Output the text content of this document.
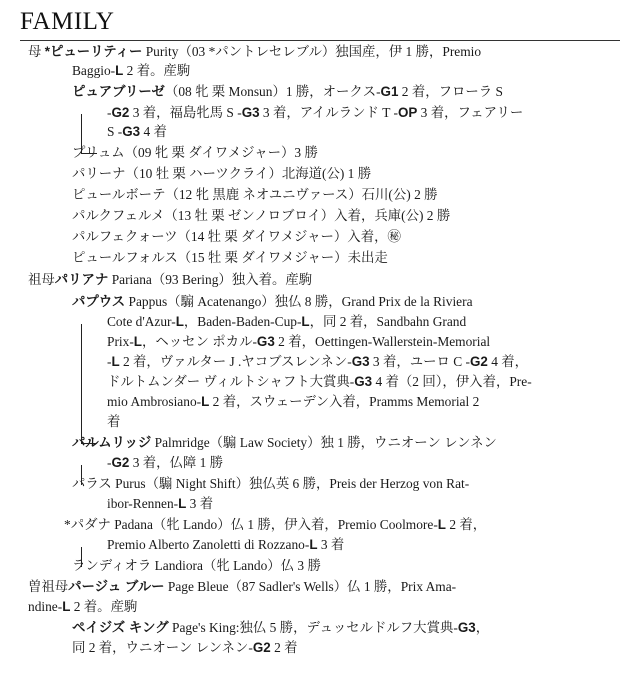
FAMILY
母 *ピューリティー Purity（03 *パントレセレブル）独国産，伊 1 勝，Premio
Baggio-L 2 着。産駒
ピュアブリーゼ（08 牝 栗 Monsun）1 勝，オークス-G1 2 着，フローラ S
-G2 3 着，福島牝馬 S -G3 3 着，アイルランド T -OP 3 着，フェアリー
S -G3 4 着
プリュム（09 牝 栗 ダイワメジャー）3 勝
パリーナ（10 牡 栗 ハーツクライ）北海道(公) 1 勝
ピュールボーテ（12 牝 黒鹿 ネオユニヴァース）石川(公) 2 勝
パルクフェルメ（13 牡 栗 ゼンノロブロイ）入着，兵庫(公) 2 勝
パルフェクォーツ（14 牡 栗 ダイワメジャー）入着，㊙
ピュールフォルス（15 牡 栗 ダイワメジャー）未出走
祖母パリアナ Pariana（93 Bering）独入着。産駒
パプウス Pappus（騸 Acatenango）独仏 8 勝，Grand Prix de la Riviera
Cote d'Azur-L，Baden-Baden-Cup-L，同 2 着，Sandbahn Grand
Prix-L，ヘッセン ポカル-G3 2 着，Oettingen-Wallerstein-Memorial
-L 2 着，ヴァルター J .ヤコブスレンネン-G3 3 着，ユーロ C -G2 4 着，
ドルトムンダー ヴィルトシャフト大賞典-G3 4 着（2 回），伊入着，Pre-
mio Ambrosiano-L 2 着，スウェーデン入着，Pramms Memorial 2
着
パルムリッジ Palmridge（騸 Law Society）独 1 勝，ウニオーン レンネン
-G2 3 着，仏障 1 勝
パラス Purus（騸 Night Shift）独仏英 6 勝，Preis der Herzog von Rat-
ibor-Rennen-L 3 着
*パダナ Padana（牝 Lando）仏 1 勝，伊入着，Premio Coolmore-L 2 着，
Premio Alberto Zanoletti di Rozzano-L 3 着
ランディオラ Landiora（牝 Lando）仏 3 勝
曽祖母パージュ ブルー Page Bleue（87 Sadler's Wells）仏 1 勝，Prix Ama-
ndine-L 2 着。産駒
ペイジズ キング Page's King:独仏 5 勝，デュッセルドルフ大賞典-G3，
同 2 着，ウニオーン レンネン-G2 2 着
